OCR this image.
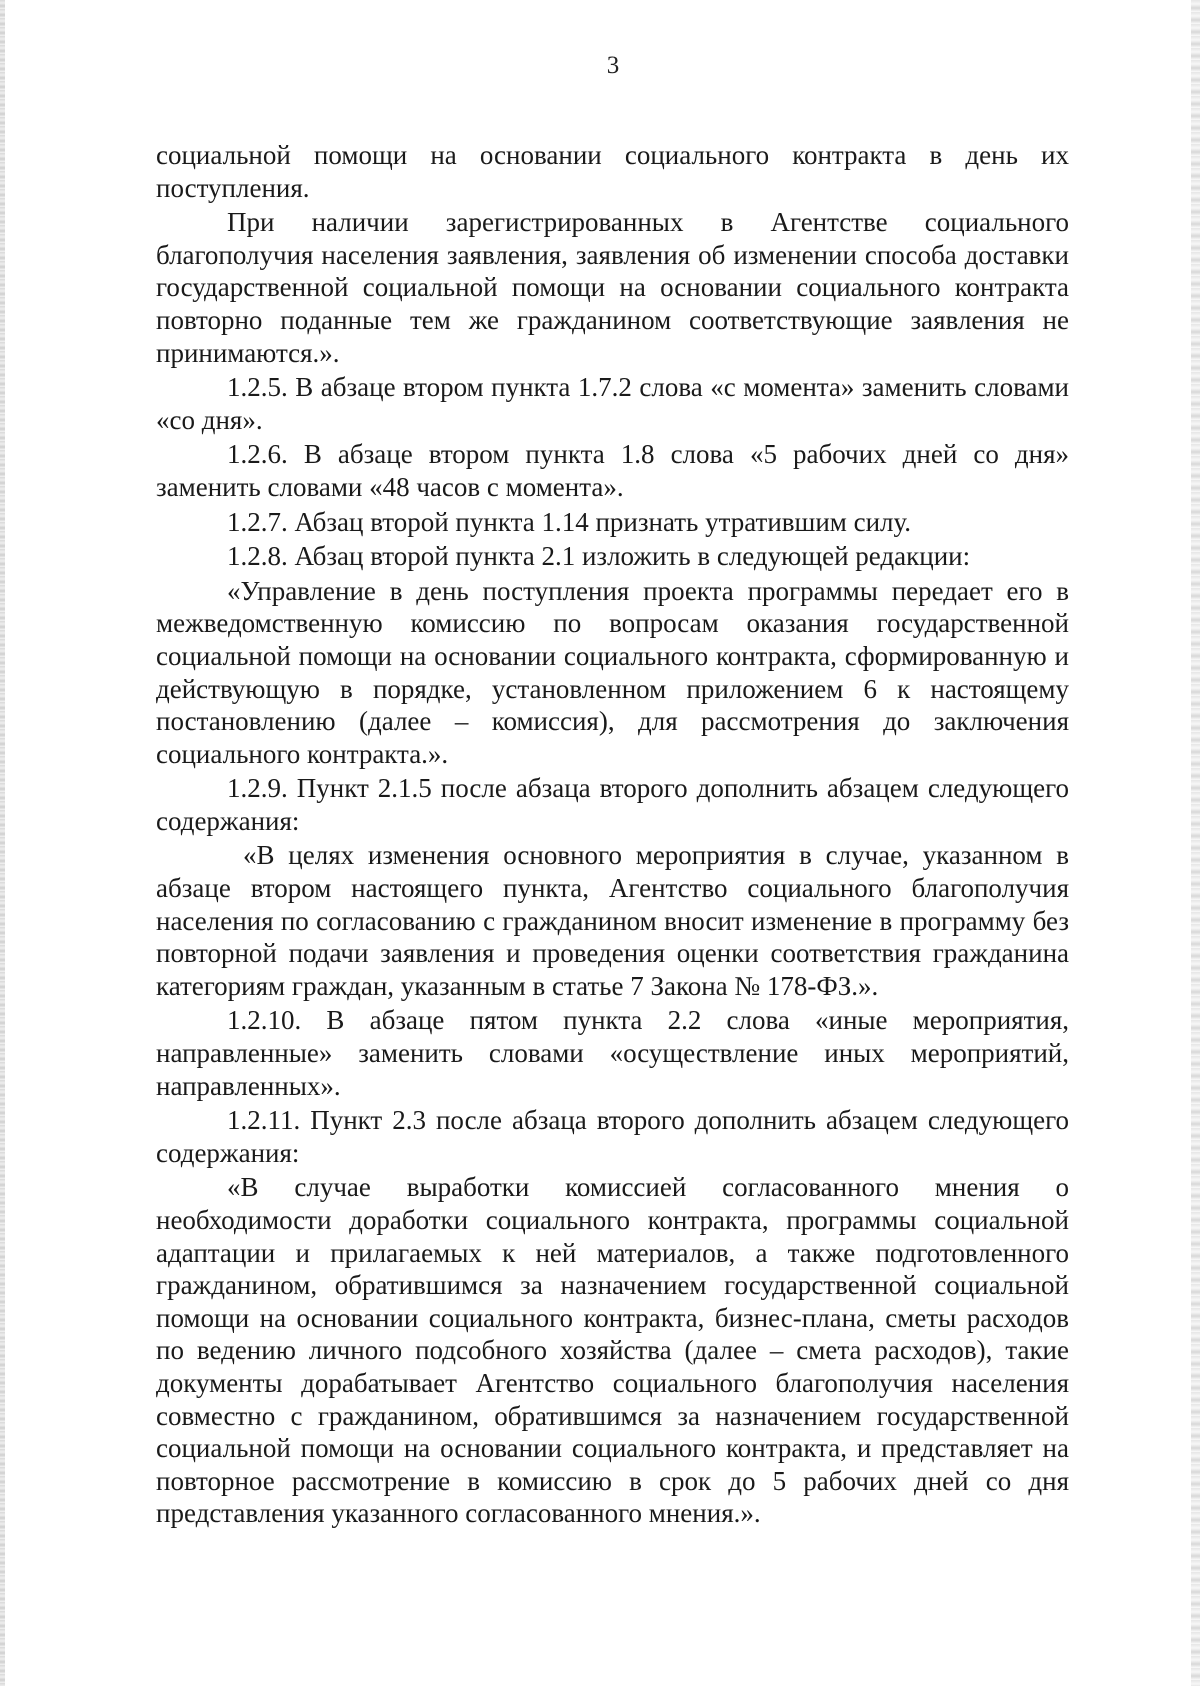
3

социальной помощи на основании социального контракта в день их поступления.

При наличии зарегистрированных в Агентстве социального благополучия населения заявления, заявления об изменении способа доставки государственной социальной помощи на основании социального контракта повторно поданные тем же гражданином соответствующие заявления не принимаются.».

1.2.5. В абзаце втором пункта 1.7.2 слова «с момента» заменить словами «со дня».

1.2.6. В абзаце втором пункта 1.8 слова «5 рабочих дней со дня» заменить словами «48 часов с момента».

1.2.7. Абзац второй пункта 1.14 признать утратившим силу.

1.2.8. Абзац второй пункта 2.1 изложить в следующей редакции:

«Управление в день поступления проекта программы передает его в межведомственную комиссию по вопросам оказания государственной социальной помощи на основании социального контракта, сформированную и действующую в порядке, установленном приложением 6 к настоящему постановлению (далее – комиссия), для рассмотрения до заключения социального контракта.».

1.2.9. Пункт 2.1.5 после абзаца второго дополнить абзацем следующего содержания:

«В целях изменения основного мероприятия в случае, указанном в абзаце втором настоящего пункта, Агентство социального благополучия населения по согласованию с гражданином вносит изменение в программу без повторной подачи заявления и проведения оценки соответствия гражданина категориям граждан, указанным в статье 7 Закона № 178-ФЗ.».

1.2.10. В абзаце пятом пункта 2.2 слова «иные мероприятия, направленные» заменить словами «осуществление иных мероприятий, направленных».

1.2.11. Пункт 2.3 после абзаца второго дополнить абзацем следующего содержания:

«В случае выработки комиссией согласованного мнения о необходимости доработки социального контракта, программы социальной адаптации и прилагаемых к ней материалов, а также подготовленного гражданином, обратившимся за назначением государственной социальной помощи на основании социального контракта, бизнес-плана, сметы расходов по ведению личного подсобного хозяйства (далее – смета расходов), такие документы дорабатывает Агентство социального благополучия населения совместно с гражданином, обратившимся за назначением государственной социальной помощи на основании социального контракта, и представляет на повторное рассмотрение в комиссию в срок до 5 рабочих дней со дня представления указанного согласованного мнения.».
